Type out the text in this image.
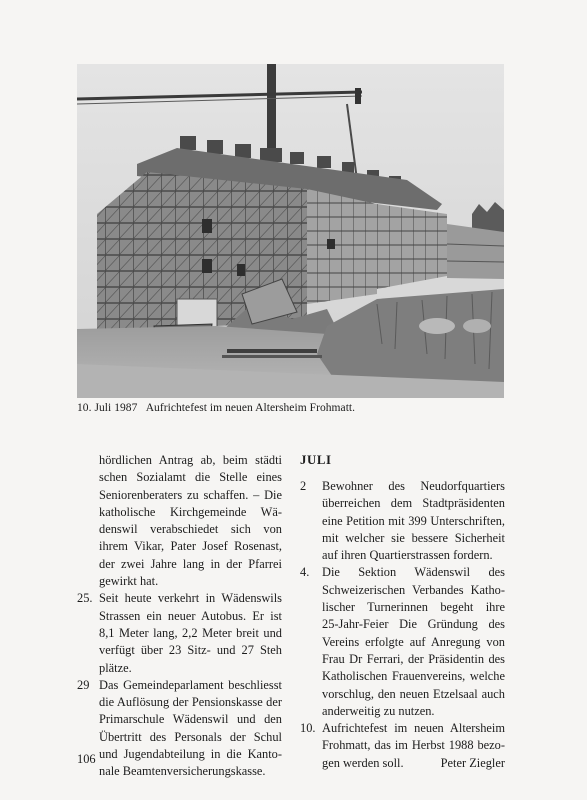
10. Juli 1987 Aufrichtefest im neuen Altersheim Frohmatt.
hördlichen Antrag ab, beim städti
schen Sozialamt die Stelle eines
Seniorenberaters zu schaffen. – Die
katholische Kirchgemeinde Wä-
denswil verabschiedet sich von
ihrem Vikar, Pater Josef Rosenast,
der zwei Jahre lang in der Pfarrei
gewirkt hat.
25. Seit heute verkehrt in Wädenswils
Strassen ein neuer Autobus. Er ist
8,1 Meter lang, 2,2 Meter breit und
verfügt über 23 Sitz- und 27 Steh
plätze.
29 Das Gemeindeparlament beschliesst
die Auflösung der Pensionskasse der
Primarschule Wädenswil und den
Übertritt des Personals der Schul
und Jugendabteilung in die Kanto-
nale Beamtenversicherungskasse.
JULI
2	Bewohner des Neudorfquartiers
überreichen dem Stadtpräsidenten
eine Petition mit 399 Unterschriften,
mit welcher sie bessere Sicherheit
auf ihren Quartierstrassen fordern.
4.	Die Sektion Wädenswil des
Schweizerischen Verbandes Katho-
lischer Turnerinnen begeht ihre
25-Jahr-Feier Die Gründung des
Vereins erfolgte auf Anregung von
Frau Dr Ferrari, der Präsidentin des
Katholischen Frauenvereins, welche
vorschlug, den neuen Etzelsaal auch
anderweitig zu nutzen.
10. Aufrichtefest im neuen Altersheim
Frohmatt, das im Herbst 1988 bezo-
gen werden soll.	Peter Ziegler
106
